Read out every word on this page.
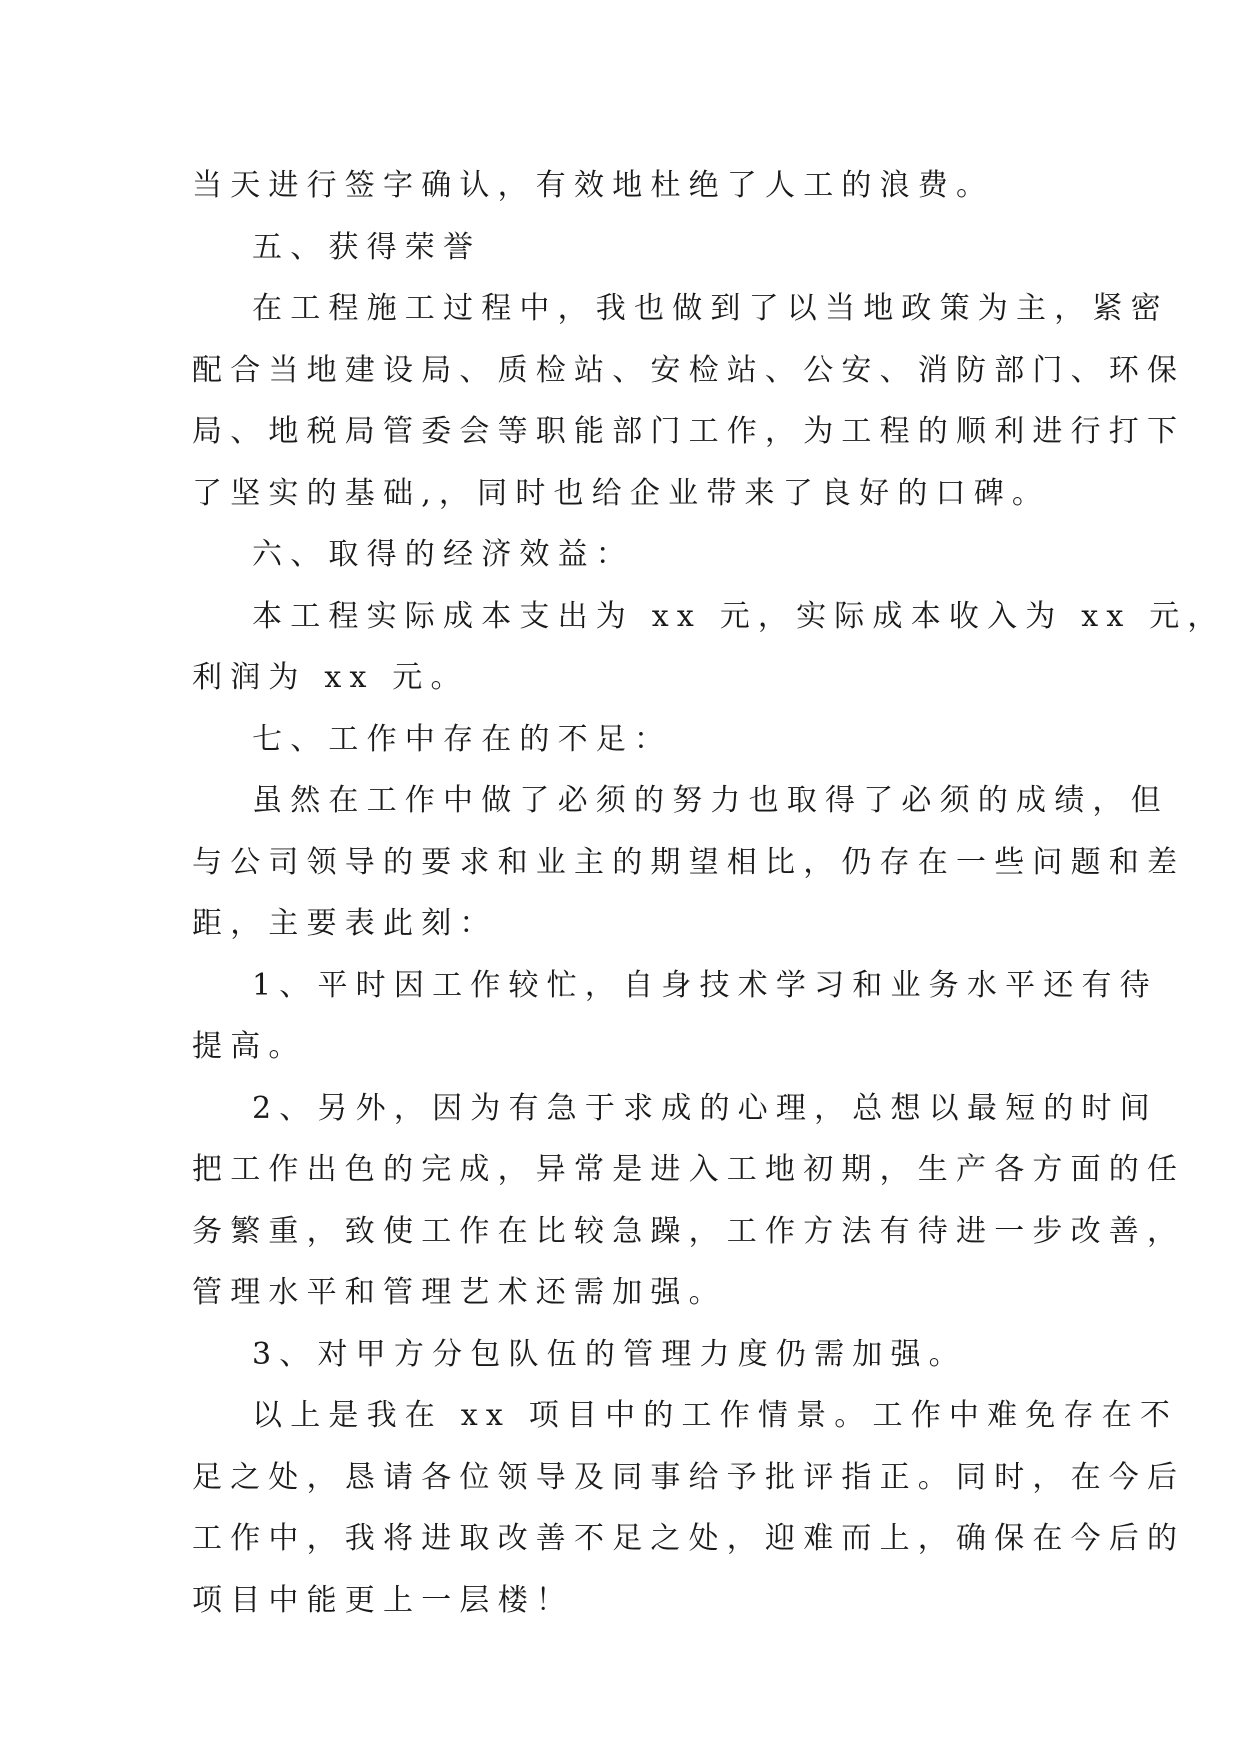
当天进行签字确认，有效地杜绝了人工的浪费。
五、获得荣誉
在工程施工过程中，我也做到了以当地政策为主，紧密
配合当地建设局、质检站、安检站、公安、消防部门、环保
局、地税局管委会等职能部门工作，为工程的顺利进行打下
了坚实的基础,，同时也给企业带来了良好的口碑。
六、取得的经济效益：
本工程实际成本支出为 xx 元，实际成本收入为 xx 元，
利润为 xx 元。
七、工作中存在的不足：
虽然在工作中做了必须的努力也取得了必须的成绩，但
与公司领导的要求和业主的期望相比，仍存在一些问题和差
距，主要表此刻：
1、平时因工作较忙，自身技术学习和业务水平还有待
提高。
2、另外，因为有急于求成的心理，总想以最短的时间
把工作出色的完成，异常是进入工地初期，生产各方面的任
务繁重，致使工作在比较急躁，工作方法有待进一步改善，
管理水平和管理艺术还需加强。
3、对甲方分包队伍的管理力度仍需加强。
以上是我在 xx 项目中的工作情景。工作中难免存在不
足之处，恳请各位领导及同事给予批评指正。同时，在今后
工作中，我将进取改善不足之处，迎难而上，确保在今后的
项目中能更上一层楼！
